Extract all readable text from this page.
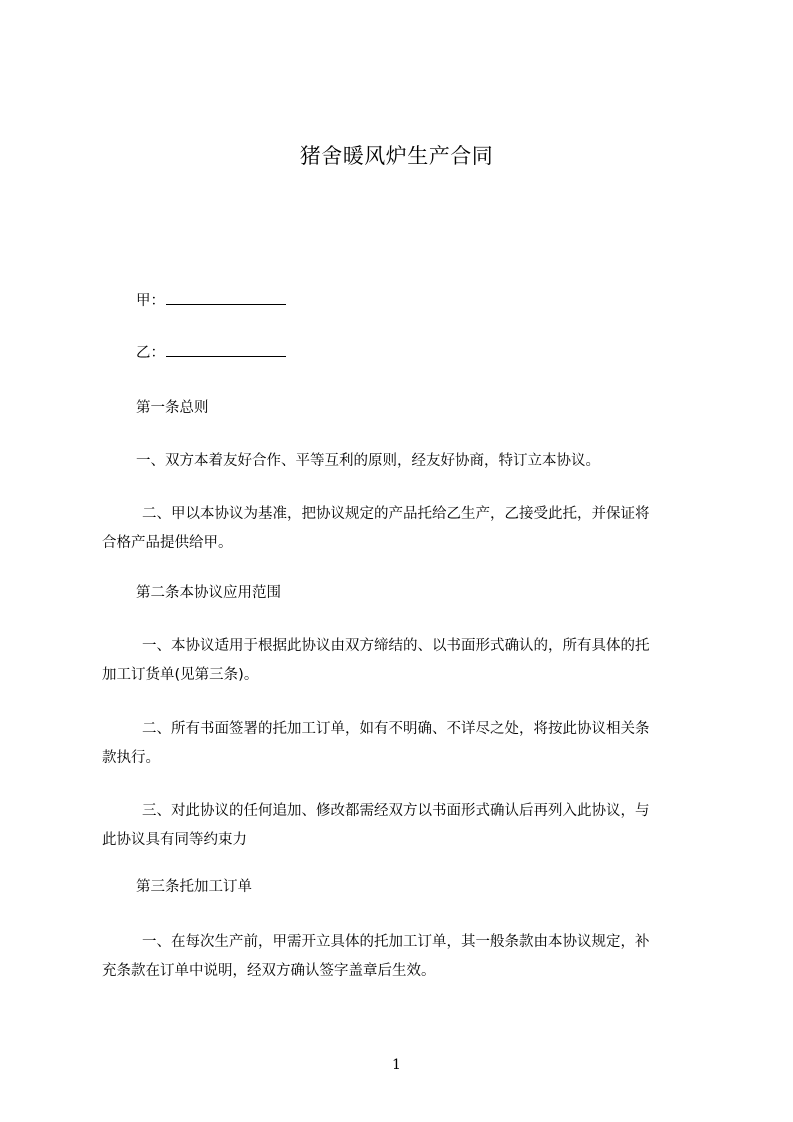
猪舍暖风炉生产合同
甲：
乙：
第一条总则
一、双方本着友好合作、平等互利的原则，经友好协商，特订立本协议。
二、甲以本协议为基准，把协议规定的产品托给乙生产，乙接受此托，并保证将
合格产品提供给甲。
第二条本协议应用范围
一、本协议适用于根据此协议由双方缔结的、以书面形式确认的，所有具体的托
加工订货单(见第三条)。
二、所有书面签署的托加工订单，如有不明确、不详尽之处，将按此协议相关条
款执行。
三、对此协议的任何追加、修改都需经双方以书面形式确认后再列入此协议，与
此协议具有同等约束力
第三条托加工订单
一、在每次生产前，甲需开立具体的托加工订单，其一般条款由本协议规定，补
充条款在订单中说明，经双方确认签字盖章后生效。
1
